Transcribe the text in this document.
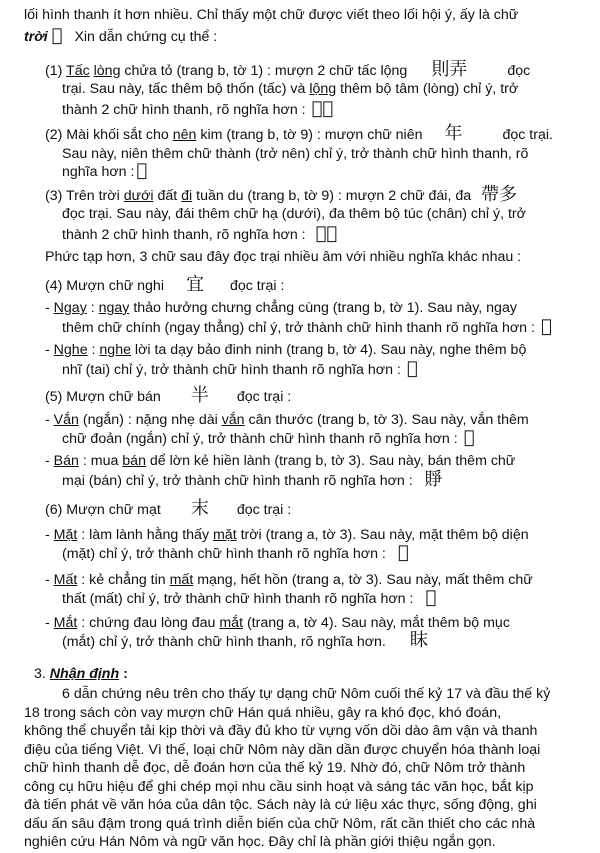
lối hình thanh ít hơn nhiều. Chỉ thấy một chữ được viết theo lối hội ý, ấy là chữ
trời 𡗶 Xin dẫn chứng cụ thể :
(1) Tấc lòng chửa tỏ (trang b, tờ 1) : mượn 2 chữ tấc lộng 則弄	đọc
trại. Sau này, tấc thêm bộ thốn (tấc) và lộng thêm bộ tâm (lòng) chỉ ý, trở
thành 2 chữ hình thanh, rõ nghĩa hơn : 𡬷𢚸
(2) Mài khối sắt cho nên kim (trang b, tờ 9) : mượn chữ niên 年	đọc trại.
Sau này, niên thêm chữ thành (trở nên) chỉ ý, trở thành chữ hình thanh, rõ
nghĩa hơn : 𢀨
(3) Trên trời dưới đất đi tuần du (trang b, tờ 9) : mượn 2 chữ đái, đa 帶多
đọc trại. Sau này, đái thêm chữ hạ (dưới), đa thêm bộ túc (chân) chỉ ý, trở
thành 2 chữ hình thanh, rõ nghĩa hơn : 𠁑𠫾
Phức tạp hơn, 3 chữ sau đây đọc trại nhiều âm với nhiều nghĩa khác nhau :
(4) Mượn chữ nghi 宜 đọc trại :
- Ngay : ngay thảo hưởng chưng chẳng cùng (trang b, tờ 1). Sau này, ngay
thêm chữ chính (ngay thẳng) chỉ ý, trở thành chữ hình thanh rõ nghĩa hơn : 𨑗
- Nghe : nghe lời ta dạy bảo đinh ninh (trang b, tờ 4). Sau này, nghe thêm bộ
nhĩ (tai) chỉ ý, trở thành chữ hình thanh rõ nghĩa hơn : 𦖑
(5) Mượn chữ bán 半 đọc trại :
- Vắn (ngắn) : nặng nhẹ dài vắn cân thước (trang b, tờ 3). Sau này, vắn thêm
chữ đoản (ngắn) chỉ ý, trở thành chữ hình thanh rõ nghĩa hơn : 𥐇
- Bán : mua bán dể lờn kẻ hiền lành (trang b, tờ 3). Sau này, bán thêm chữ
mại (bán) chỉ ý, trở thành chữ hình thanh rõ nghĩa hơn : 𧶄
(6) Mượn chữ mạt 末 đọc trại :
- Mặt : làm lành hằng thấy mặt trời (trang a, tờ 3). Sau này, mặt thêm bộ diện
(mặt) chỉ ý, trở thành chữ hình thanh rõ nghĩa hơn : 𩈘
- Mất : kẻ chẳng tin mất mạng, hết hồn (trang a, tờ 3). Sau này, mất thêm chữ
thất (mất) chỉ ý, trở thành chữ hình thanh rõ nghĩa hơn : 𠅍
- Mắt : chứng đau lòng đau mắt (trang a, tờ 4). Sau này, mắt thêm bộ mục
(mắt) chỉ ý, trở thành chữ hình thanh, rõ nghĩa hơn. 眜
3. Nhận định :
6 dẫn chứng nêu trên cho thấy tự dạng chữ Nôm cuối thế kỷ 17 và đầu thế kỷ
18 trong sách còn vay mượn chữ Hán quá nhiều, gây ra khó đọc, khó đoán,
không thể chuyển tải kịp thời và đầy đủ kho từ vựng vốn dồi dào âm vận và thanh
điệu của tiếng Việt. Vì thế, loại chữ Nôm này dần dần được chuyển hóa thành loại
chữ hình thanh dễ đọc, dễ đoán hơn của thế kỷ 19. Nhờ đó, chữ Nôm trở thành
công cụ hữu hiệu để ghi chép mọi nhu cầu sinh hoạt và sáng tác văn học, bắt kịp
đà tiến phát về văn hóa của dân tộc. Sách này là cứ liệu xác thực, sống động, ghi
dấu ấn sâu đậm trong quá trình diễn biến của chữ Nôm, rất cần thiết cho các nhà
nghiên cứu Hán Nôm và ngữ văn học. Đây chỉ là phần giới thiệu ngắn gọn.
